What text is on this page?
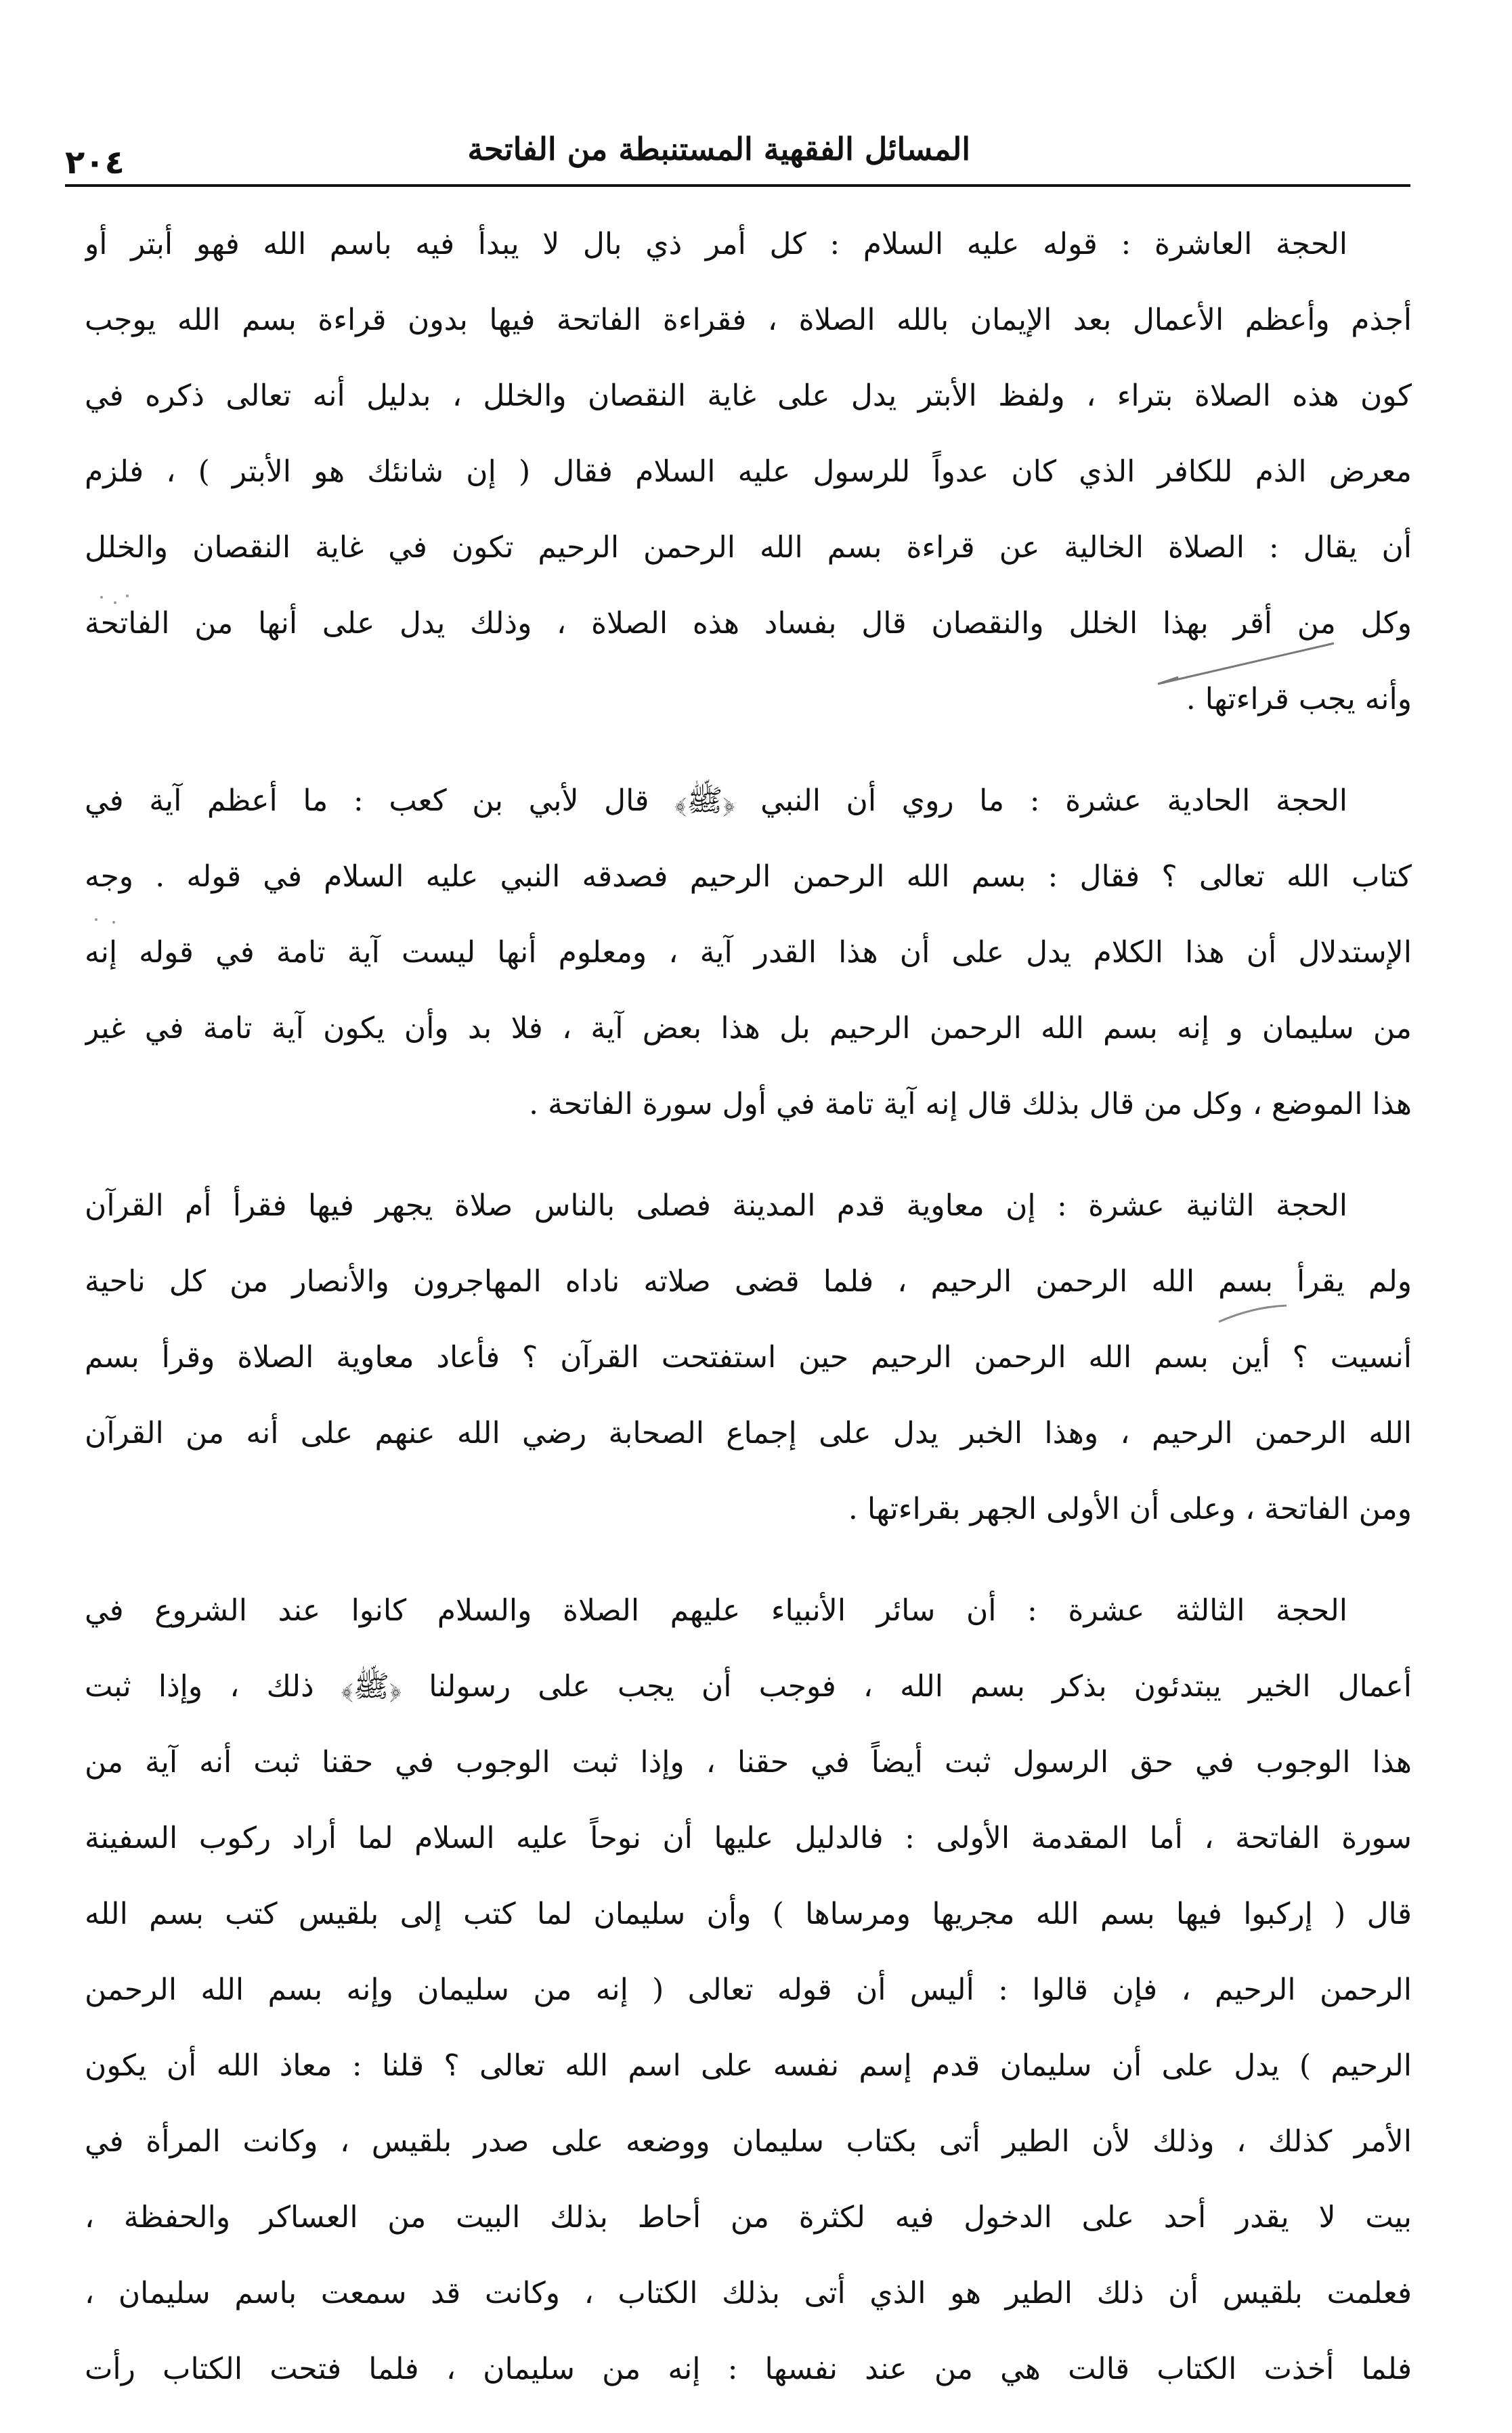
المسائل الفقهية المستنبطة من الفاتحة
٢٠٤
الحجة العاشرة : قوله عليه السلام : كل أمر ذي بال لا يبدأ فيه باسم الله فهو أبتر أو
أجذم وأعظم الأعمال بعد الإيمان بالله الصلاة ، فقراءة الفاتحة فيها بدون قراءة بسم الله يوجب
كون هذه الصلاة بتراء ، ولفظ الأبتر يدل على غاية النقصان والخلل ، بدليل أنه تعالى ذكره في
معرض الذم للكافر الذي كان عدواً للرسول عليه السلام فقال ( إن شانئك هو الأبتر ) ، فلزم
أن يقال : الصلاة الخالية عن قراءة بسم الله الرحمن الرحيم تكون في غاية النقصان والخلل
وكل من أقر بهذا الخلل والنقصان قال بفساد هذه الصلاة ، وذلك يدل على أنها من الفاتحة
وأنه يجب قراءتها .
الحجة الحادية عشرة : ما روي أن النبي ﴿ﷺ﴾ قال لأبي بن كعب : ما أعظم آية في
كتاب الله تعالى ؟ فقال : بسم الله الرحمن الرحيم فصدقه النبي عليه السلام في قوله . وجه
الإستدلال أن هذا الكلام يدل على أن هذا القدر آية ، ومعلوم أنها ليست آية تامة في قوله إنه
من سليمان و إنه بسم الله الرحمن الرحيم بل هذا بعض آية ، فلا بد وأن يكون آية تامة في غير
هذا الموضع ، وكل من قال بذلك قال إنه آية تامة في أول سورة الفاتحة .
الحجة الثانية عشرة : إن معاوية قدم المدينة فصلى بالناس صلاة يجهر فيها فقرأ أم القرآن
ولم يقرأ بسم الله الرحمن الرحيم ، فلما قضى صلاته ناداه المهاجرون والأنصار من كل ناحية
أنسيت ؟ أين بسم الله الرحمن الرحيم حين استفتحت القرآن ؟ فأعاد معاوية الصلاة وقرأ بسم
الله الرحمن الرحيم ، وهذا الخبر يدل على إجماع الصحابة رضي الله عنهم على أنه من القرآن
ومن الفاتحة ، وعلى أن الأولى الجهر بقراءتها .
الحجة الثالثة عشرة : أن سائر الأنبياء عليهم الصلاة والسلام كانوا عند الشروع في
أعمال الخير يبتدئون بذكر بسم الله ، فوجب أن يجب على رسولنا ﴿ﷺ﴾ ذلك ، وإذا ثبت
هذا الوجوب في حق الرسول ثبت أيضاً في حقنا ، وإذا ثبت الوجوب في حقنا ثبت أنه آية من
سورة الفاتحة ، أما المقدمة الأولى : فالدليل عليها أن نوحاً عليه السلام لما أراد ركوب السفينة
قال ( إركبوا فيها بسم الله مجريها ومرساها ) وأن سليمان لما كتب إلى بلقيس كتب بسم الله
الرحمن الرحيم ، فإن قالوا : أليس أن قوله تعالى ( إنه من سليمان وإنه بسم الله الرحمن
الرحيم ) يدل على أن سليمان قدم إسم نفسه على اسم الله تعالى ؟ قلنا : معاذ الله أن يكون
الأمر كذلك ، وذلك لأن الطير أتى بكتاب سليمان ووضعه على صدر بلقيس ، وكانت المرأة في
بيت لا يقدر أحد على الدخول فيه لكثرة من أحاط بذلك البيت من العساكر والحفظة ،
فعلمت بلقيس أن ذلك الطير هو الذي أتى بذلك الكتاب ، وكانت قد سمعت باسم سليمان ،
فلما أخذت الكتاب قالت هي من عند نفسها : إنه من سليمان ، فلما فتحت الكتاب رأت
